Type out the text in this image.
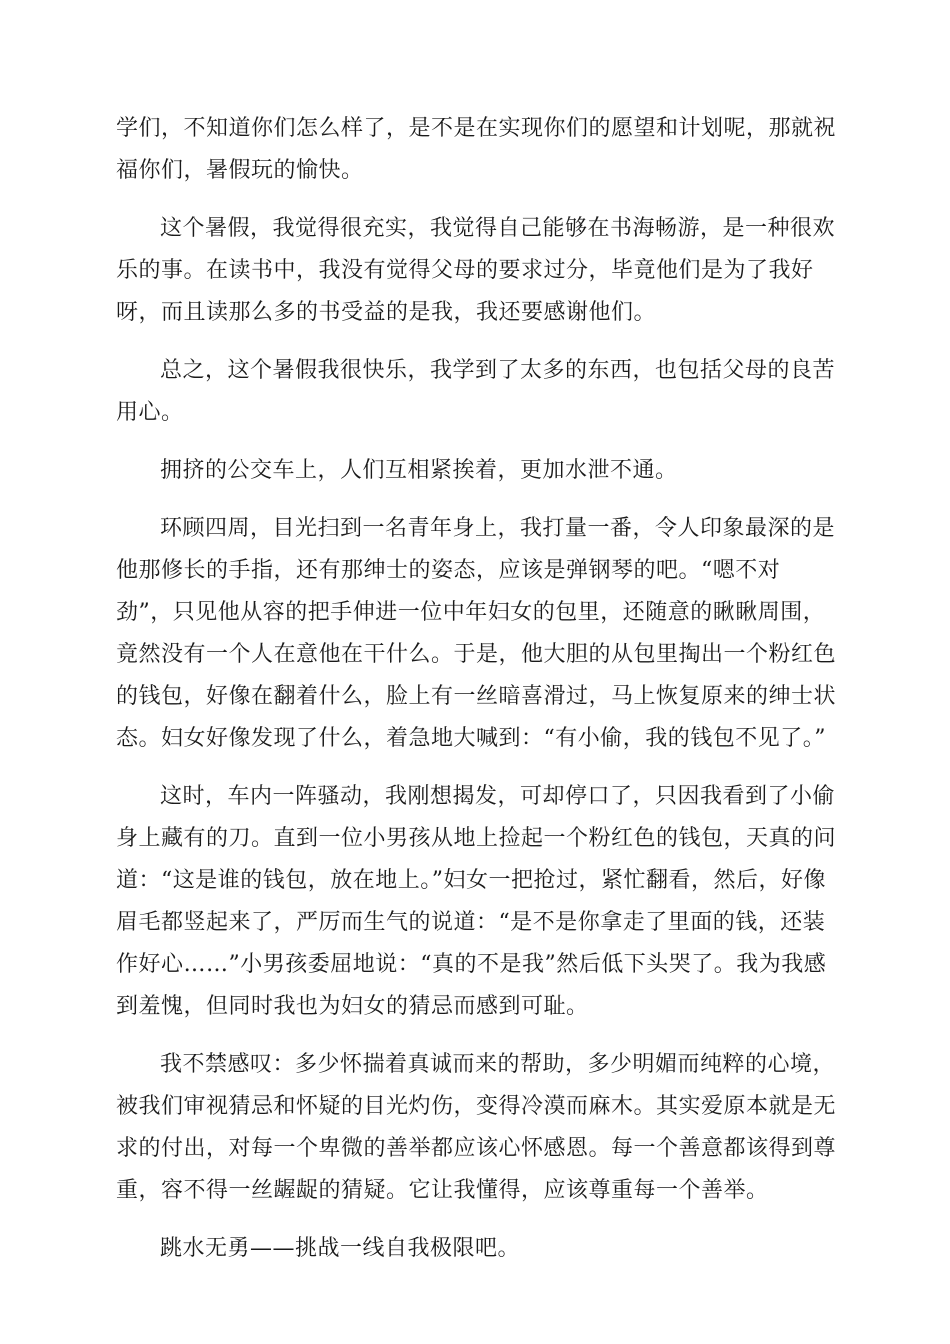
学们，不知道你们怎么样了，是不是在实现你们的愿望和计划呢，那就祝福你们，暑假玩的愉快。

这个暑假，我觉得很充实，我觉得自己能够在书海畅游，是一种很欢乐的事。在读书中，我没有觉得父母的要求过分，毕竟他们是为了我好呀，而且读那么多的书受益的是我，我还要感谢他们。

总之，这个暑假我很快乐，我学到了太多的东西，也包括父母的良苦用心。

拥挤的公交车上，人们互相紧挨着，更加水泄不通。

环顾四周，目光扫到一名青年身上，我打量一番，令人印象最深的是他那修长的手指，还有那绅士的姿态，应该是弹钢琴的吧。“嗯不对劲”，只见他从容的把手伸进一位中年妇女的包里，还随意的瞅瞅周围，竟然没有一个人在意他在干什么。于是，他大胆的从包里掏出一个粉红色的钱包，好像在翻着什么，脸上有一丝暗喜滑过，马上恢复原来的绅士状态。妇女好像发现了什么，着急地大喊到：“有小偷，我的钱包不见了。”

这时，车内一阵骚动，我刚想揭发，可却停口了，只因我看到了小偷身上藏有的刀。直到一位小男孩从地上捡起一个粉红色的钱包，天真的问道：“这是谁的钱包，放在地上。”妇女一把抢过，紧忙翻看，然后，好像眉毛都竖起来了，严厉而生气的说道：“是不是你拿走了里面的钱，还装作好心……”小男孩委屈地说：“真的不是我”然后低下头哭了。我为我感到羞愧，但同时我也为妇女的猜忌而感到可耻。

我不禁感叹：多少怀揣着真诚而来的帮助，多少明媚而纯粹的心境，被我们审视猜忌和怀疑的目光灼伤，变得冷漠而麻木。其实爱原本就是无求的付出，对每一个卑微的善举都应该心怀感恩。每一个善意都该得到尊重，容不得一丝龌龊的猜疑。它让我懂得，应该尊重每一个善举。

跳水无勇——挑战一线自我极限吧。
